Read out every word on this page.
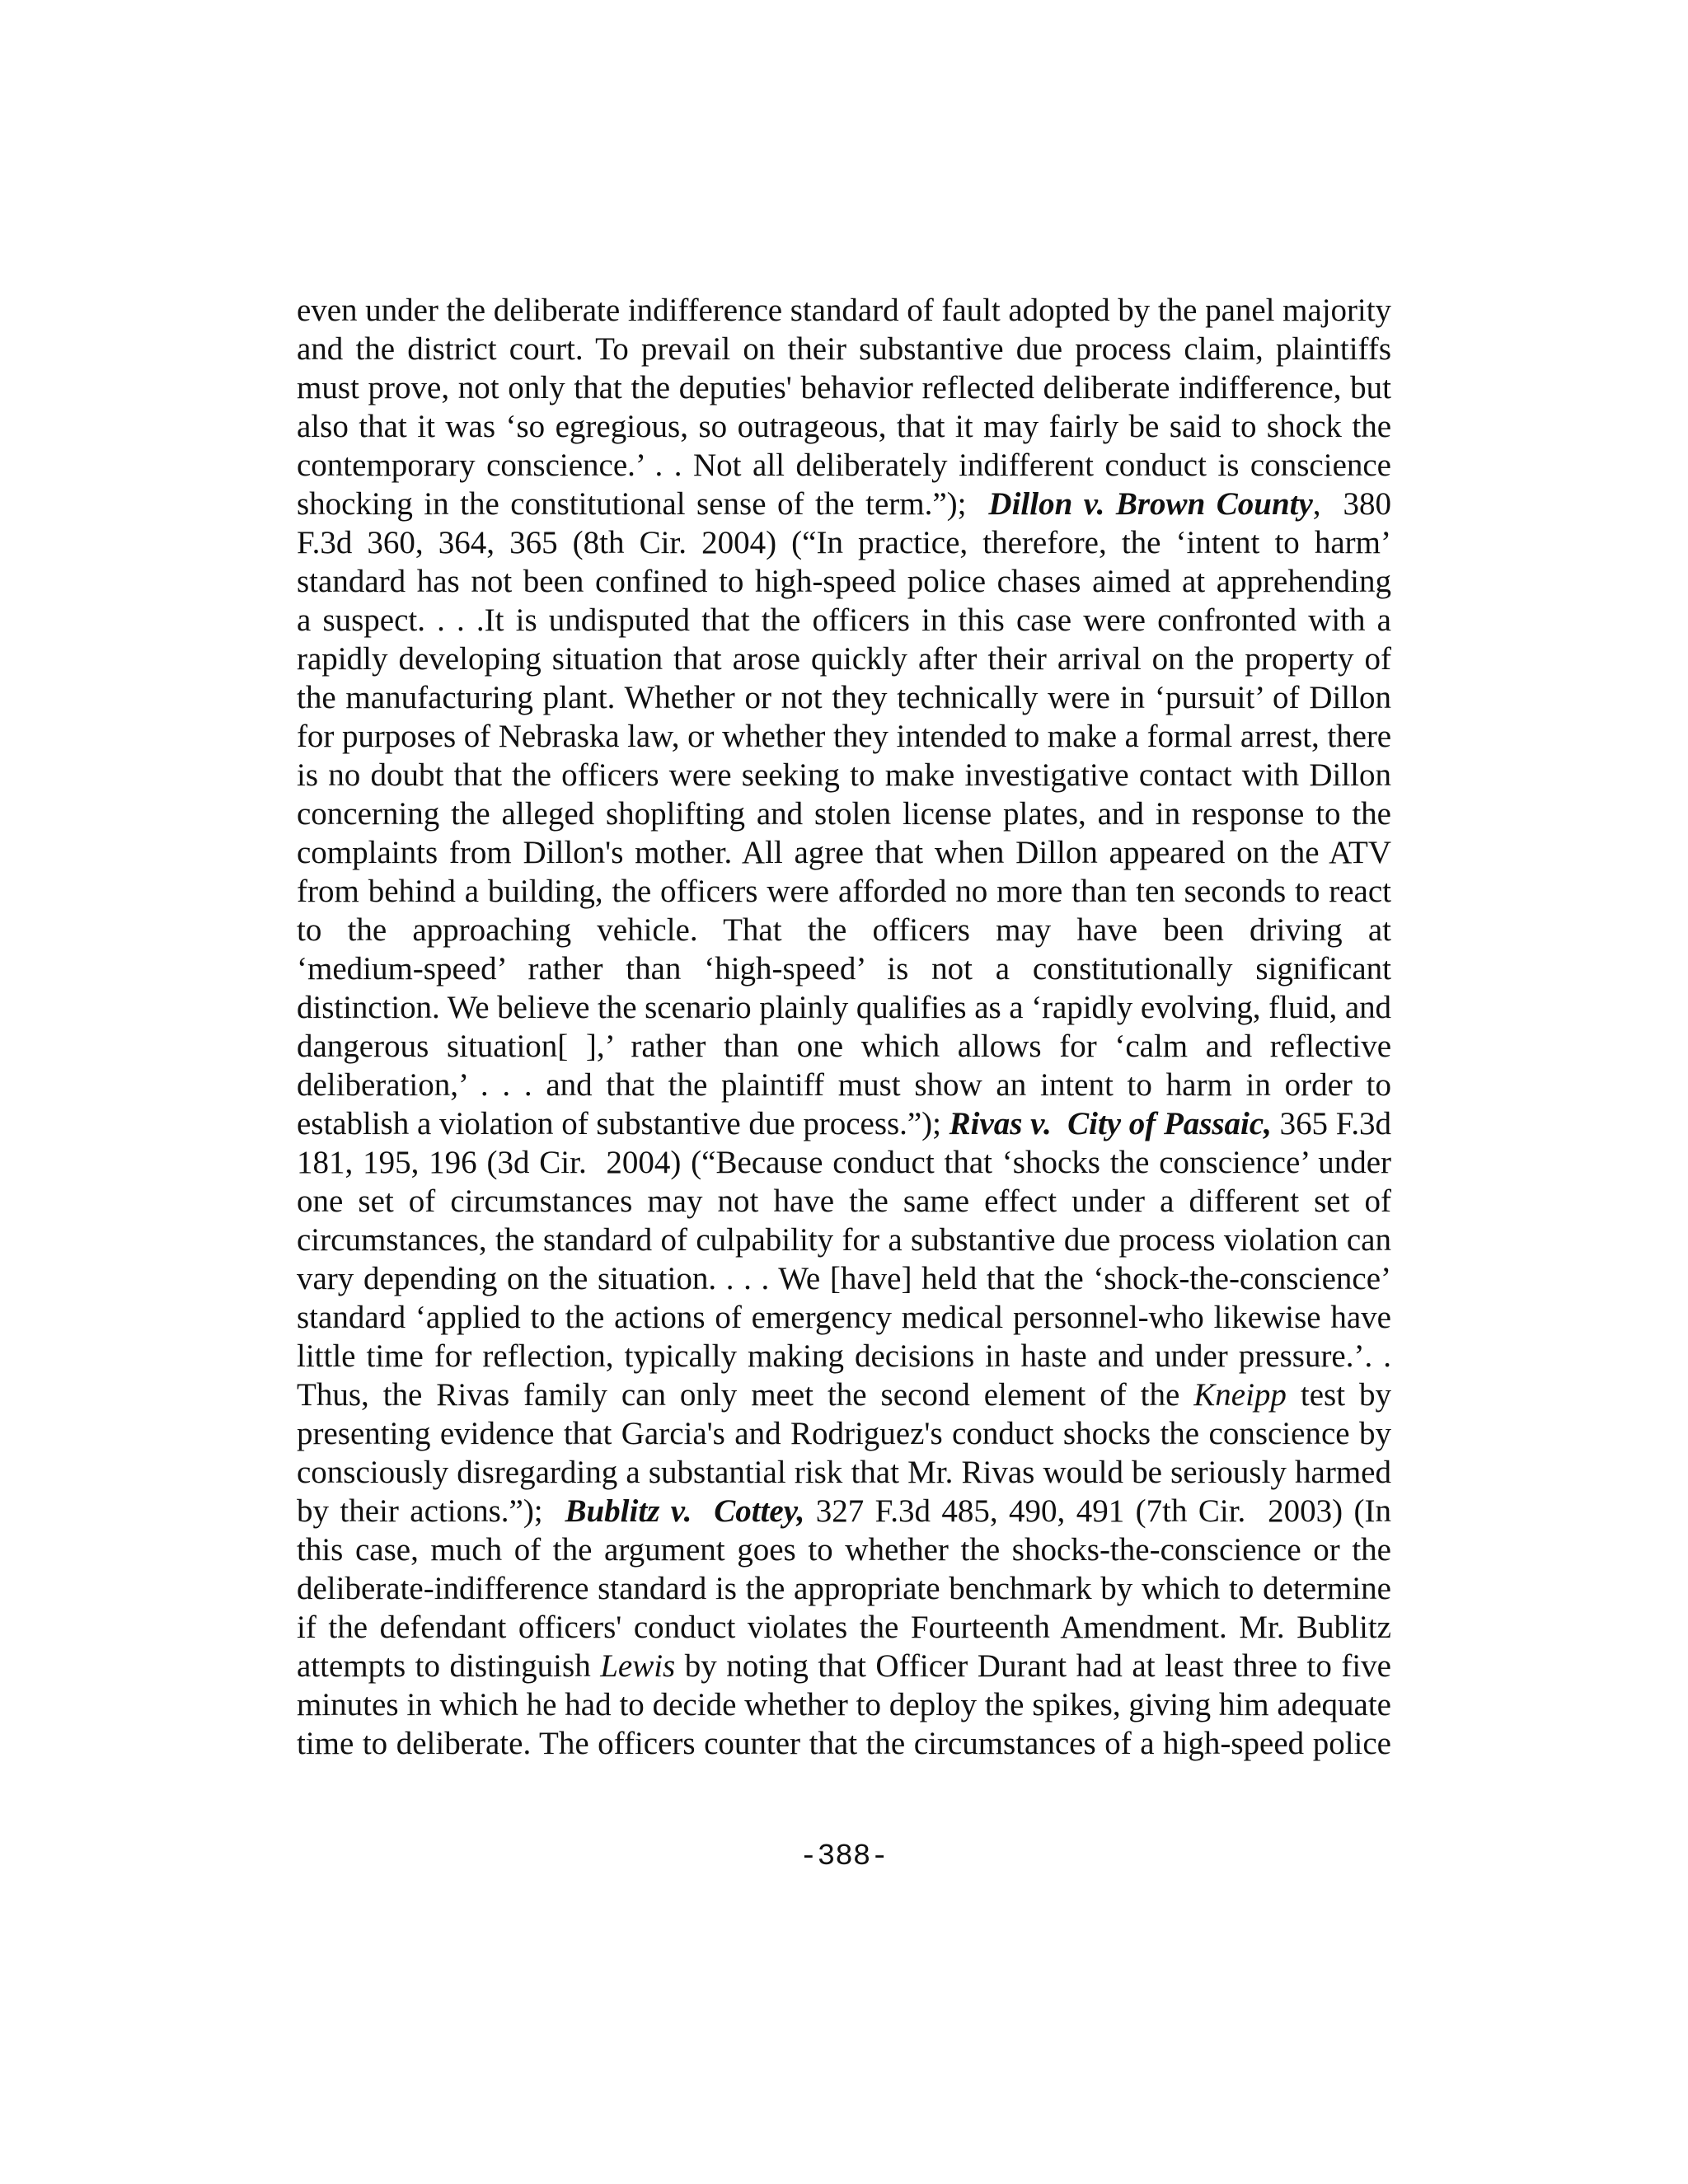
even under the deliberate indifference standard of fault adopted by the panel majority
and the district court. To prevail on their substantive due process claim, plaintiffs
must prove, not only that the deputies' behavior reflected deliberate indifference, but
also that it was ‘so egregious, so outrageous, that it may fairly be said to shock the
contemporary conscience.’ . . Not all deliberately indifferent conduct is conscience
shocking in the constitutional sense of the term.”);  Dillon v. Brown County,  380
F.3d 360, 364, 365 (8th Cir. 2004) (“In practice, therefore, the ‘intent to harm’
standard has not been confined to high-speed police chases aimed at apprehending
a suspect. . . .It is undisputed that the officers in this case were confronted with a
rapidly developing situation that arose quickly after their arrival on the property of
the manufacturing plant. Whether or not they technically were in ‘pursuit’ of Dillon
for purposes of Nebraska law, or whether they intended to make a formal arrest, there
is no doubt that the officers were seeking to make investigative contact with Dillon
concerning the alleged shoplifting and stolen license plates, and in response to the
complaints from Dillon's mother. All agree that when Dillon appeared on the ATV
from behind a building, the officers were afforded no more than ten seconds to react
to  the  approaching  vehicle.  That  the  officers  may  have  been  driving  at
‘medium-speed’  rather  than  ‘high-speed’  is  not  a  constitutionally  significant
distinction. We believe the scenario plainly qualifies as a ‘rapidly evolving, fluid, and
dangerous  situation[  ],’  rather  than  one  which  allows  for  ‘calm  and  reflective
deliberation,’ . . . and that the plaintiff must show an intent to harm in order to
establish a violation of substantive due process.”); Rivas v.  City of Passaic, 365 F.3d
181, 195, 196 (3d Cir.  2004) (“Because conduct that ‘shocks the conscience’ under
one set of circumstances may not have the same effect under a different set of
circumstances, the standard of culpability for a substantive due process violation can
vary depending on the situation. . . . We [have] held that the ‘shock-the-conscience’
standard ‘applied to the actions of emergency medical personnel-who likewise have
little time for reflection, typically making decisions in haste and under pressure.’. .
Thus, the Rivas family can only meet the second element of the Kneipp test by
presenting evidence that Garcia's and Rodriguez's conduct shocks the conscience by
consciously disregarding a substantial risk that Mr. Rivas would be seriously harmed
by their actions.”);  Bublitz v.  Cottey, 327 F.3d 485, 490, 491 (7th Cir.  2003) (In
this case, much of the argument goes to whether the shocks-the-conscience or the
deliberate-indifference standard is the appropriate benchmark by which to determine
if the defendant officers' conduct violates the Fourteenth Amendment. Mr. Bublitz
attempts to distinguish Lewis by noting that Officer Durant had at least three to five
minutes in which he had to decide whether to deploy the spikes, giving him adequate
time to deliberate. The officers counter that the circumstances of a high-speed police
-388-
